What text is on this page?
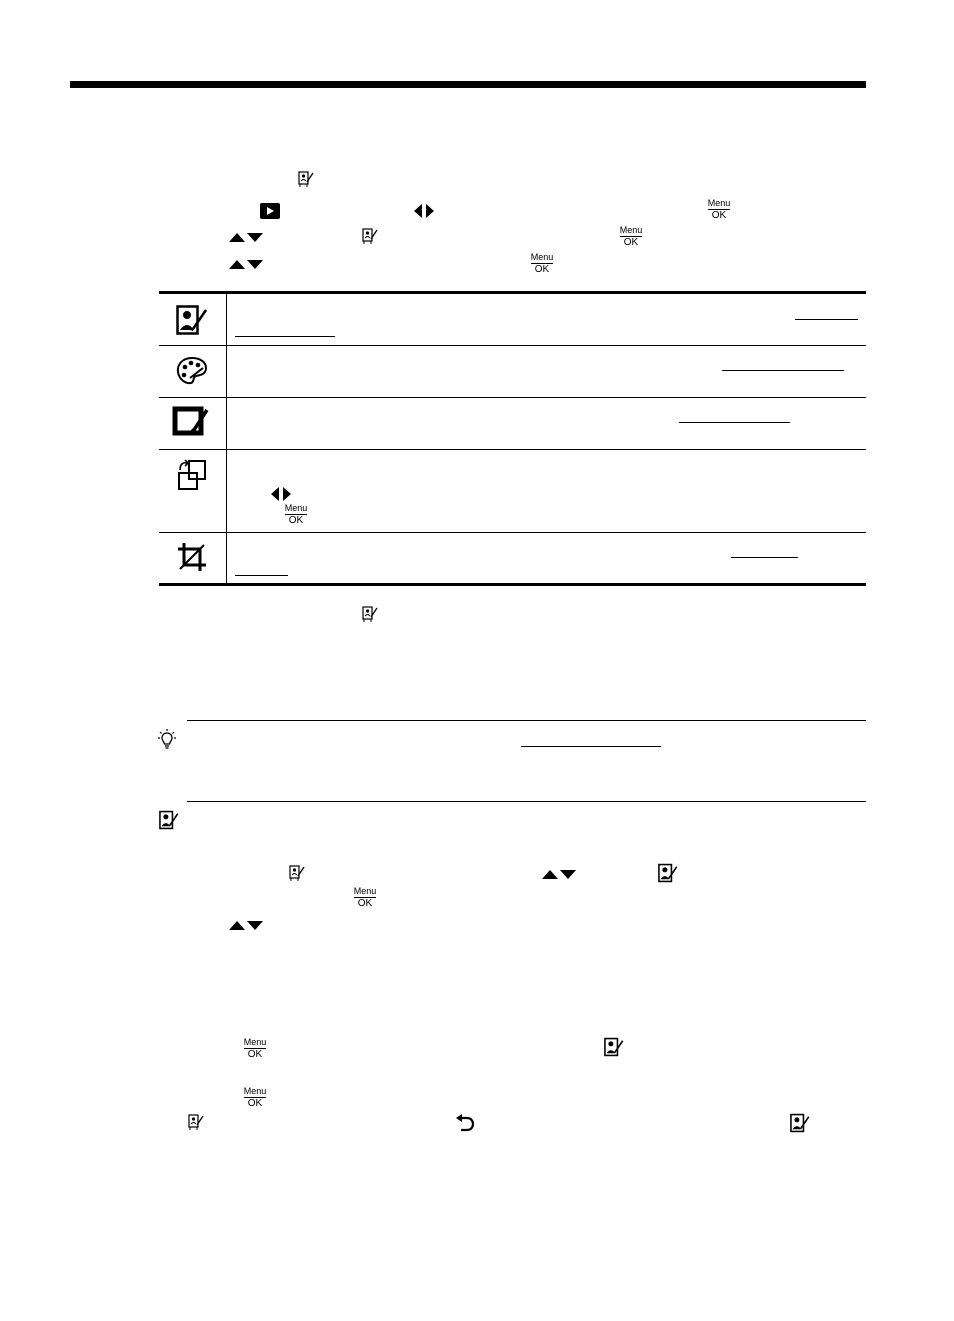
Menu
OK
Menu
OK
Menu
OK
Menu
OK
Menu
OK
Menu
OK
Menu
OK
